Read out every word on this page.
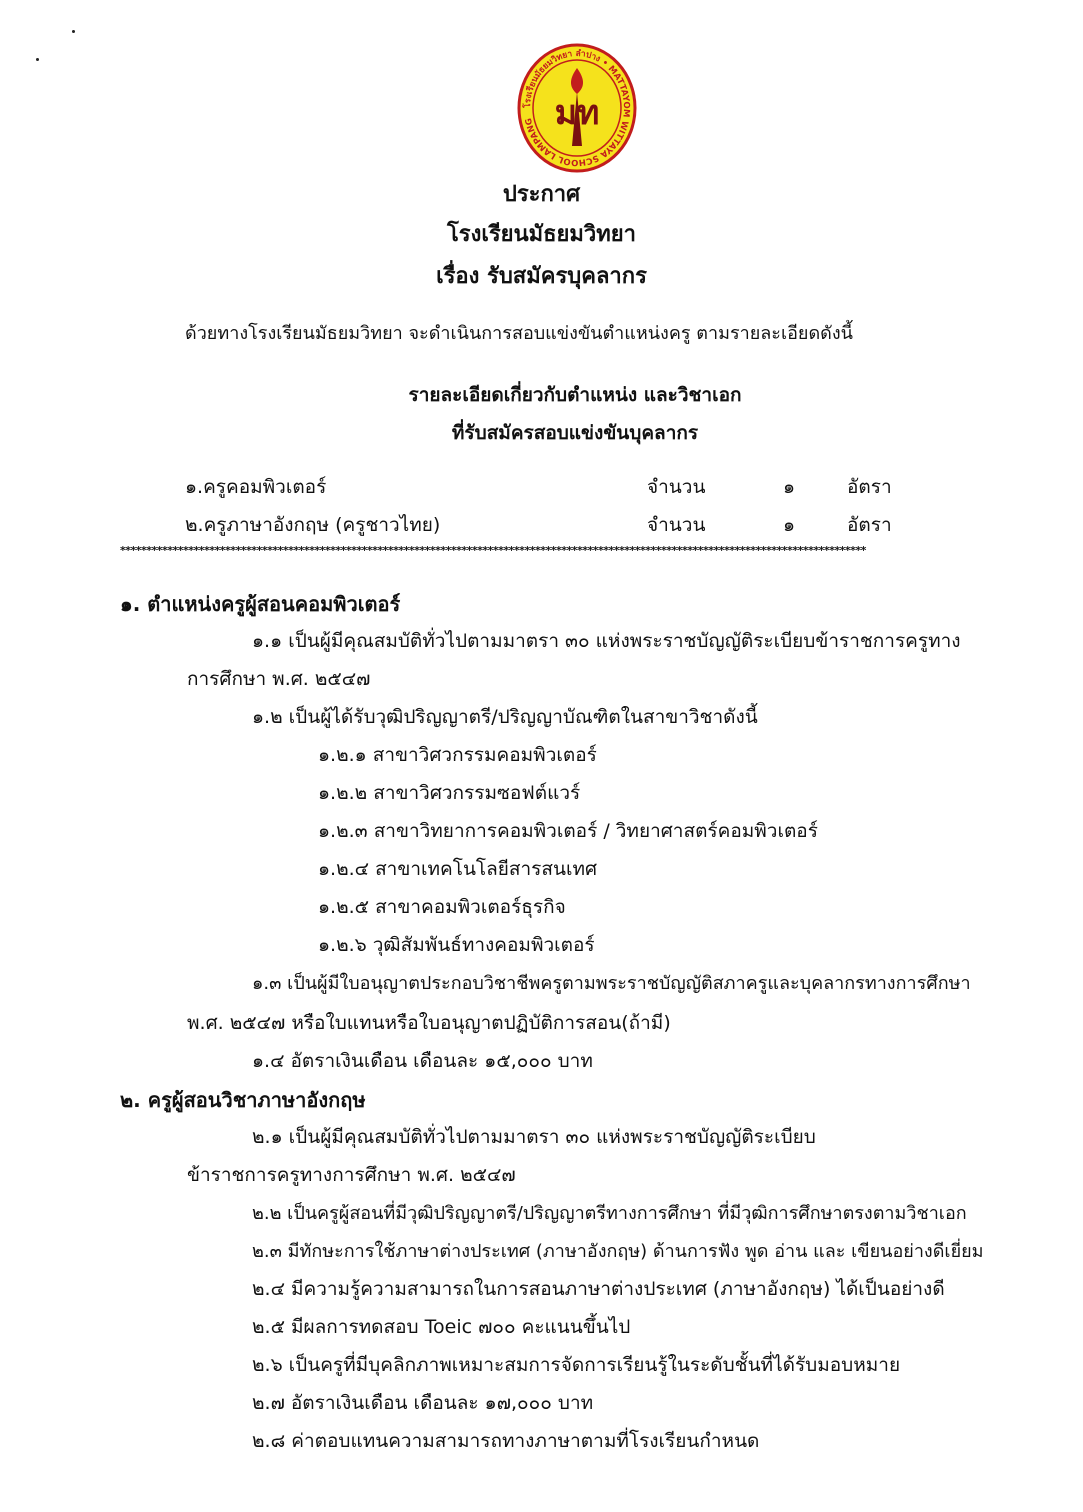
โรงเรียนมัธยมวิทยา ลำปาง • MATTAYOM WITTAYA SCHOOL LAMPANG มท
ประกาศ
โรงเรียนมัธยมวิทยา
เรื่อง รับสมัครบุคลากร
ด้วยทางโรงเรียนมัธยมวิทยา จะดำเนินการสอบแข่งขันตำแหน่งครู ตามรายละเอียดดังนี้
รายละเอียดเกี่ยวกับตำแหน่ง และวิชาเอก
ที่รับสมัครสอบแข่งขันบุคลากร
๑.ครูคอมพิวเตอร์	จำนวน	๑	อัตรา
๒.ครูภาษาอังกฤษ (ครูชาวไทย)	จำนวน	๑	อัตรา
**********************************************************************************************************************************************
๑. ตำแหน่งครูผู้สอนคอมพิวเตอร์
๑.๑ เป็นผู้มีคุณสมบัติทั่วไปตามมาตรา ๓๐ แห่งพระราชบัญญัติระเบียบข้าราชการครูทาง
การศึกษา พ.ศ. ๒๕๔๗
๑.๒ เป็นผู้ได้รับวุฒิปริญญาตรี/ปริญญาบัณฑิตในสาขาวิชาดังนี้
๑.๒.๑ สาขาวิศวกรรมคอมพิวเตอร์
๑.๒.๒ สาขาวิศวกรรมซอฟต์แวร์
๑.๒.๓ สาขาวิทยาการคอมพิวเตอร์ / วิทยาศาสตร์คอมพิวเตอร์
๑.๒.๔ สาขาเทคโนโลยีสารสนเทศ
๑.๒.๕ สาขาคอมพิวเตอร์ธุรกิจ
๑.๒.๖ วุฒิสัมพันธ์ทางคอมพิวเตอร์
๑.๓ เป็นผู้มีใบอนุญาตประกอบวิชาชีพครูตามพระราชบัญญัติสภาครูและบุคลากรทางการศึกษา
พ.ศ. ๒๕๔๗ หรือใบแทนหรือใบอนุญาตปฏิบัติการสอน(ถ้ามี)
๑.๔ อัตราเงินเดือน เดือนละ ๑๕,๐๐๐ บาท
๒. ครูผู้สอนวิชาภาษาอังกฤษ
๒.๑ เป็นผู้มีคุณสมบัติทั่วไปตามมาตรา ๓๐ แห่งพระราชบัญญัติระเบียบ
ข้าราชการครูทางการศึกษา พ.ศ. ๒๕๔๗
๒.๒ เป็นครูผู้สอนที่มีวุฒิปริญญาตรี/ปริญญาตรีทางการศึกษา ที่มีวุฒิการศึกษาตรงตามวิชาเอก
๒.๓ มีทักษะการใช้ภาษาต่างประเทศ (ภาษาอังกฤษ) ด้านการฟัง พูด อ่าน และ เขียนอย่างดีเยี่ยม
๒.๔ มีความรู้ความสามารถในการสอนภาษาต่างประเทศ (ภาษาอังกฤษ) ได้เป็นอย่างดี
๒.๕ มีผลการทดสอบ Toeic ๗๐๐ คะแนนขึ้นไป
๒.๖ เป็นครูที่มีบุคลิกภาพเหมาะสมการจัดการเรียนรู้ในระดับชั้นที่ได้รับมอบหมาย
๒.๗ อัตราเงินเดือน เดือนละ ๑๗,๐๐๐ บาท
๒.๘ ค่าตอบแทนความสามารถทางภาษาตามที่โรงเรียนกำหนด
